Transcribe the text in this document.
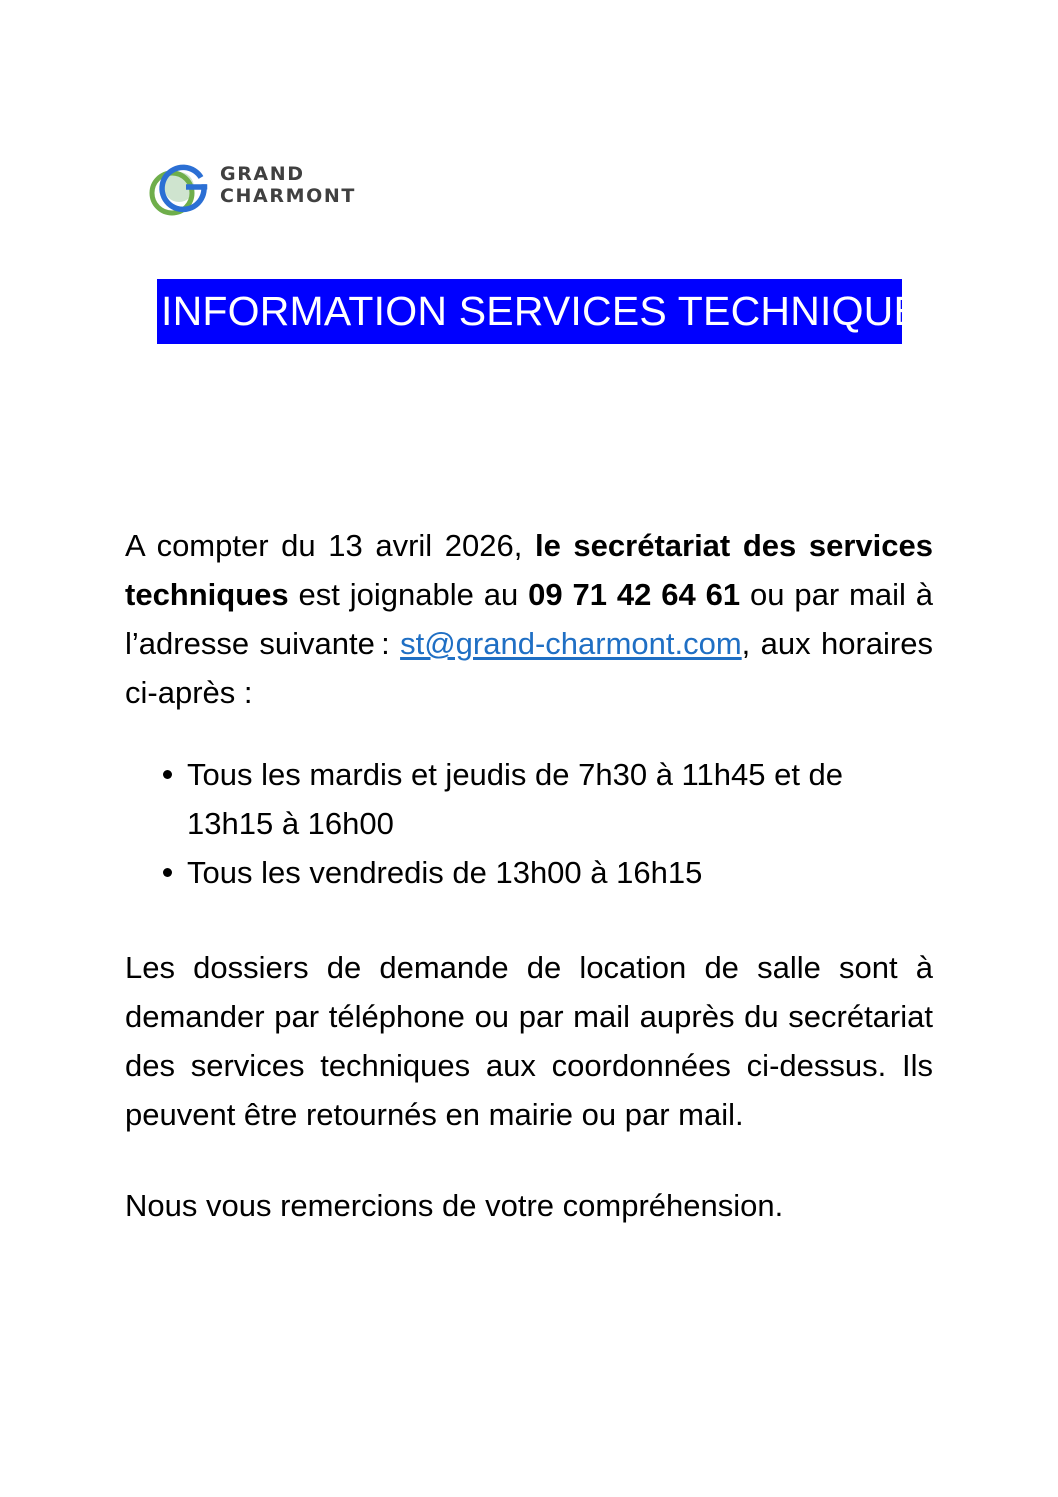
GRAND
CHARMONT
INFORMATION SERVICES TECHNIQUES

A compter du 13 avril 2026, le secrétariat des services techniques est joignable au 09 71 42 64 61 ou par mail à l’adresse suivante : st@grand-charmont.com, aux horaires ci-après :

Tous les mardis et jeudis de 7h30 à 11h45 et de 13h15 à 16h00
Tous les vendredis de 13h00 à 16h15

Les dossiers de demande de location de salle sont à demander par téléphone ou par mail auprès du secrétariat des services techniques aux coordonnées ci-dessus. Ils peuvent être retournés en mairie ou par mail.

Nous vous remercions de votre compréhension.
